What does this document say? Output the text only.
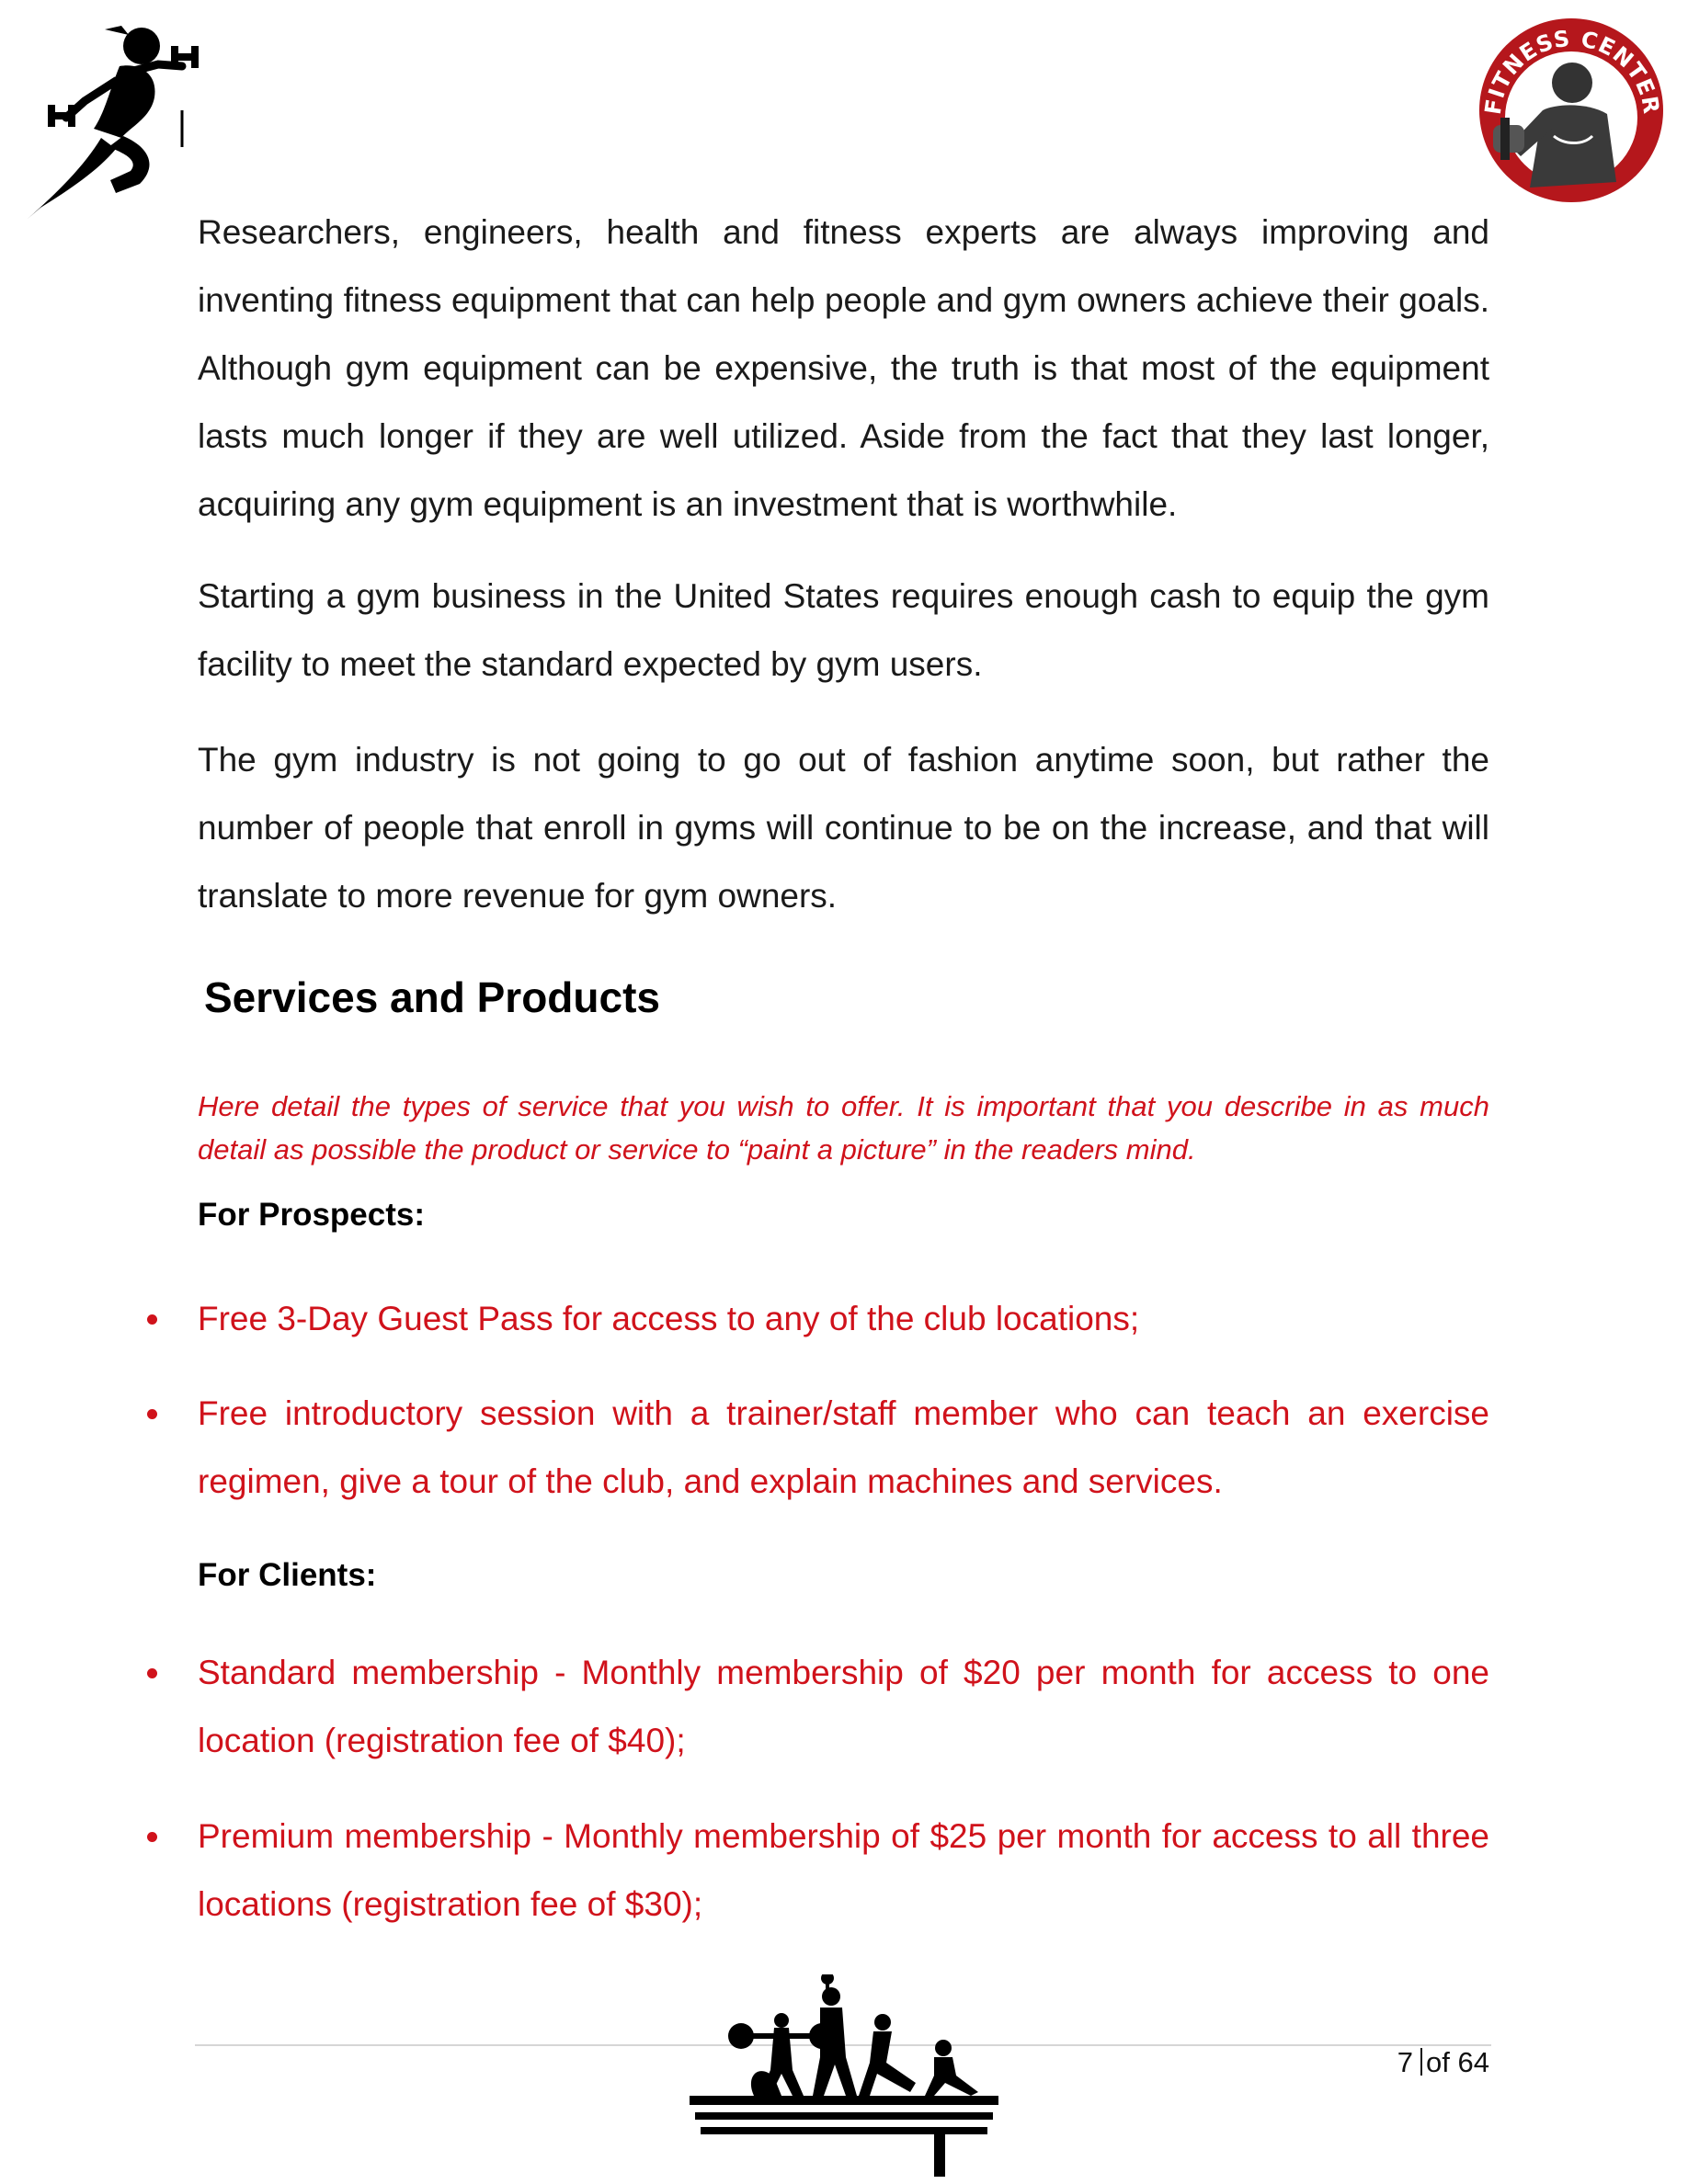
FITNESS CENTER

Researchers, engineers, health and fitness experts are always improving and inventing fitness equipment that can help people and gym owners achieve their goals. Although gym equipment can be expensive, the truth is that most of the equipment lasts much longer if they are well utilized. Aside from the fact that they last longer, acquiring any gym equipment is an investment that is worthwhile.

Starting a gym business in the United States requires enough cash to equip the gym facility to meet the standard expected by gym users.

The gym industry is not going to go out of fashion anytime soon, but rather the number of people that enroll in gyms will continue to be on the increase, and that will translate to more revenue for gym owners.

Services and Products

Here detail the types of service that you wish to offer. It is important that you describe in as much detail as possible the product or service to “paint a picture” in the readers mind.

For Prospects:

Free 3-Day Guest Pass for access to any of the club locations;

Free introductory session with a trainer/staff member who can teach an exercise regimen, give a tour of the club, and explain machines and services.

For Clients:

Standard membership - Monthly membership of $20 per month for access to one location (registration fee of $40);

Premium membership - Monthly membership of $25 per month for access to all three locations (registration fee of $30);

7 of 64
